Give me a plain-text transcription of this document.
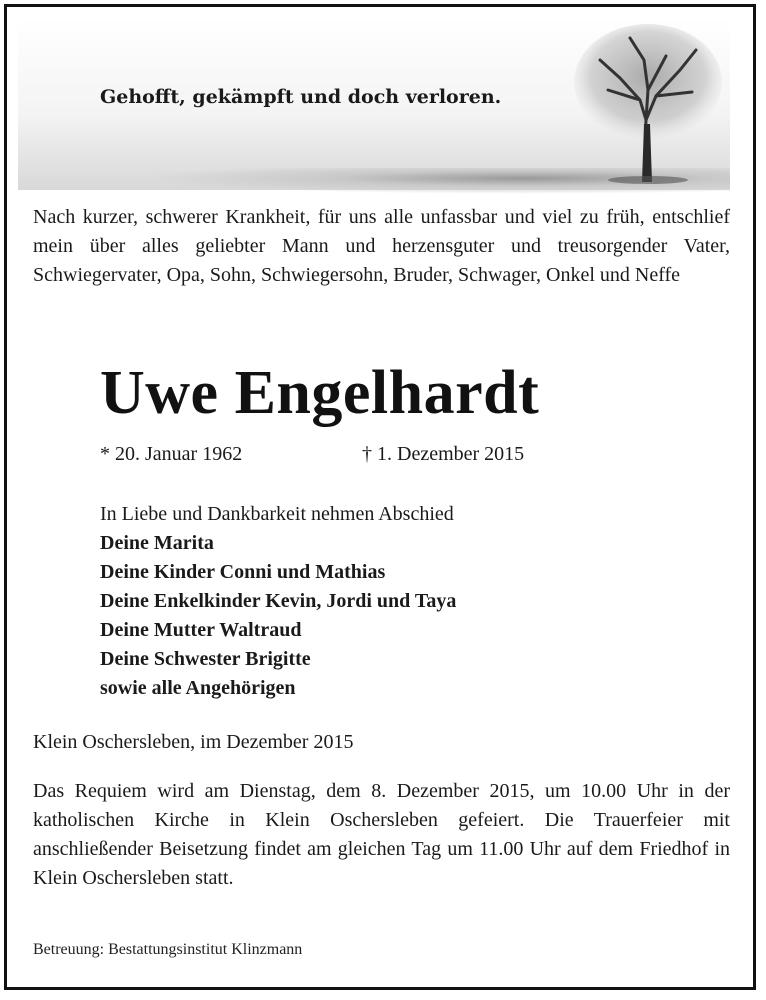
Gehofft, gekämpft und doch verloren.

Nach kurzer, schwerer Krankheit, für uns alle unfassbar und viel zu früh, entschlief mein über alles geliebter Mann und herzensguter und treusorgender Vater, Schwiegervater, Opa, Sohn, Schwiegersohn, Bruder, Schwager, Onkel und Neffe

Uwe Engelhardt
* 20. Januar 1962	† 1. Dezember 2015
In Liebe und Dankbarkeit nehmen Abschied
Deine Marita
Deine Kinder Conni und Mathias
Deine Enkelkinder Kevin, Jordi und Taya
Deine Mutter Waltraud
Deine Schwester Brigitte
sowie alle Angehörigen

Klein Oschersleben, im Dezember 2015

Das Requiem wird am Dienstag, dem 8. Dezember 2015, um 10.00 Uhr in der katholischen Kirche in Klein Oschersleben gefeiert. Die Trauerfeier mit anschließender Beisetzung findet am gleichen Tag um 11.00 Uhr auf dem Friedhof in Klein Oschersleben statt.

Betreuung: Bestattungsinstitut Klinzmann
